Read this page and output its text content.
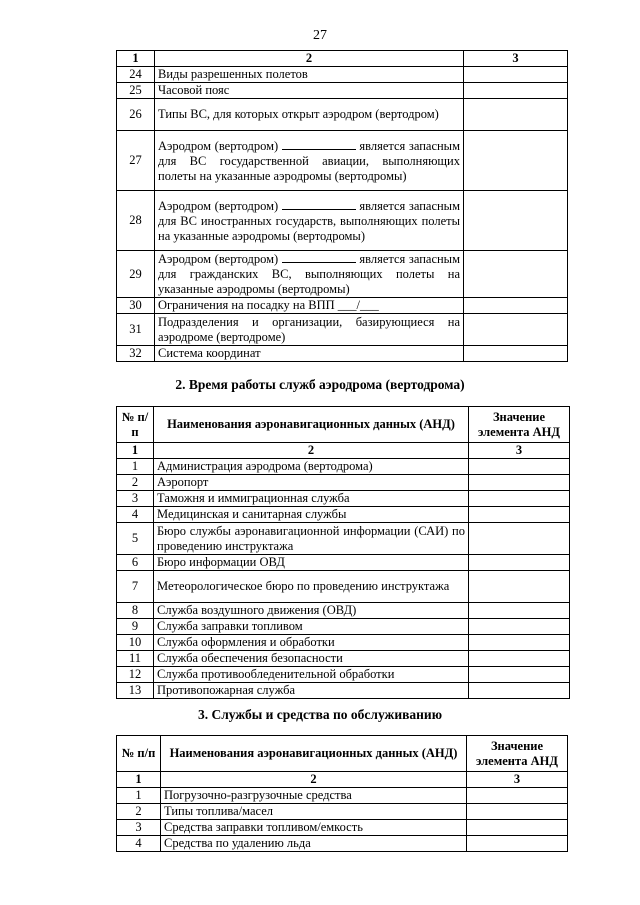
27
1	2	3
24	Виды разрешенных полетов	
25	Часовой пояс	
26	Типы ВС, для которых открыт аэродром (вертодром)	
27	Аэродром (вертодром) является запасным для ВС государственной авиации, выполняющих полеты на указанные аэродромы (вертодромы)	
28	Аэродром (вертодром) является запасным для ВС иностранных государств, выполняющих полеты на указанные аэродромы (вертодромы)	
29	Аэродром (вертодром) является запасным для гражданских ВС, выполняющих полеты на указанные аэродромы (вертодромы)	
30	Ограничения на посадку на ВПП ___/___	
31	Подразделения и организации, базирующиеся на аэродроме (вертодроме)	
32	Система координат	
2. Время работы служб аэродрома (вертодрома)
№ п/п	Наименования аэронавигационных данных (АНД)	Значение элемента АНД
1	2	3
1	Администрация аэродрома (вертодрома)	
2	Аэропорт	
3	Таможня и иммиграционная служба	
4	Медицинская и санитарная службы	
5	Бюро службы аэронавигационной информации (САИ) по проведению инструктажа	
6	Бюро информации ОВД	
7	Метеорологическое бюро по проведению инструктажа	
8	Служба воздушного движения (ОВД)	
9	Служба заправки топливом	
10	Служба оформления и обработки	
11	Служба обеспечения безопасности	
12	Служба противообледенительной обработки	
13	Противопожарная служба	
3. Службы и средства по обслуживанию
№ п/п	Наименования аэронавигационных данных (АНД)	Значение элемента АНД
1	2	3
1	Погрузочно-разгрузочные средства	
2	Типы топлива/масел	
3	Средства заправки топливом/емкость	
4	Средства по удалению льда	
